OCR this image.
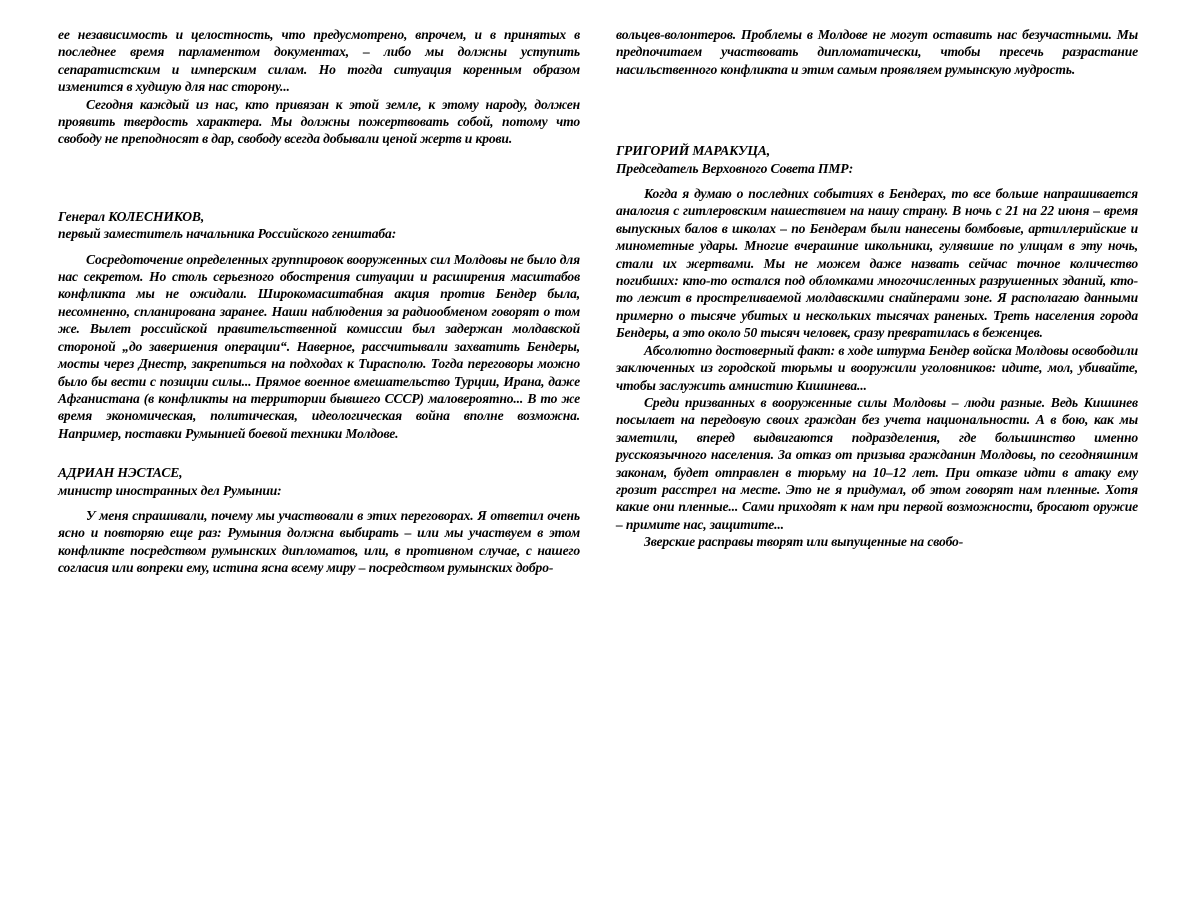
ее независимость и целостность, что предусмотрено, впрочем, и в принятых в последнее время парламентом документах, – либо мы должны уступить сепаратистским и имперским силам. Но тогда ситуация коренным образом изменится в худшую для нас сторону...

Сегодня каждый из нас, кто привязан к этой земле, к этому народу, должен проявить твердость характера. Мы должны пожертвовать собой, потому что свободу не преподносят в дар, свободу всегда добывали ценой жертв и крови.

Генерал КОЛЕСНИКОВ,
первый заместитель начальника Российского генштаба:

Сосредоточение определенных группировок вооруженных сил Молдовы не было для нас секретом. Но столь серьезного обострения ситуации и расширения масштабов конфликта мы не ожидали. Широкомасштабная акция против Бендер была, несомненно, спланирована заранее. Наши наблюдения за радиообменом говорят о том же. Вылет российской правительственной комиссии был задержан молдавской стороной „до завершения операции“. Наверное, рассчитывали захватить Бендеры, мосты через Днестр, закрепиться на подходах к Тирасполю. Тогда переговоры можно было бы вести с позиции силы... Прямое военное вмешательство Турции, Ирана, даже Афганистана (в конфликты на территории бывшего СССР) маловероятно... В то же время экономическая, политическая, идеологическая война вполне возможна. Например, поставки Румынией боевой техники Молдове.

АДРИАН НЭСТАСЕ,
министр иностранных дел Румынии:

У меня спрашивали, почему мы участвовали в этих переговорах. Я ответил очень ясно и повторяю еще раз: Румыния должна выбирать – или мы участвуем в этом конфликте посредством румынских дипломатов, или, в противном случае, с нашего согласия или вопреки ему, истина ясна всему миру – посредством румынских добро-

вольцев-волонтеров. Проблемы в Молдове не могут оставить нас безучастными. Мы предпочитаем участвовать дипломатически, чтобы пресечь разрастание насильственного конфликта и этим самым проявляем румынскую мудрость.

ГРИГОРИЙ МАРАКУЦА,
Председатель Верховного Совета ПМР:

Когда я думаю о последних событиях в Бендерах, то все больше напрашивается аналогия с гитлеровским нашествием на нашу страну. В ночь с 21 на 22 июня – время выпускных балов в школах – по Бендерам были нанесены бомбовые, артиллерийские и минометные удары. Многие вчерашние школьники, гулявшие по улицам в эту ночь, стали их жертвами. Мы не можем даже назвать сейчас точное количество погибших: кто-то остался под обломками многочисленных разрушенных зданий, кто-то лежит в простреливаемой молдавскими снайперами зоне. Я располагаю данными примерно о тысяче убитых и нескольких тысячах раненых. Треть населения города Бендеры, а это около 50 тысяч человек, сразу превратилась в беженцев.

Абсолютно достоверный факт: в ходе штурма Бендер войска Молдовы освободили заключенных из городской тюрьмы и вооружили уголовников: идите, мол, убивайте, чтобы заслужить амнистию Кишинева...

Среди призванных в вооруженные силы Молдовы – люди разные. Ведь Кишинев посылает на передовую своих граждан без учета национальности. А в бою, как мы заметили, вперед выдвигаются подразделения, где большинство именно русскоязычного населения. За отказ от призыва гражданин Молдовы, по сегодняшним законам, будет отправлен в тюрьму на 10–12 лет. При отказе идти в атаку ему грозит расстрел на месте. Это не я придумал, об этом говорят нам пленные. Хотя какие они пленные... Сами приходят к нам при первой возможности, бросают оружие – примите нас, защитите...

Зверские расправы творят или выпущенные на свобо-
